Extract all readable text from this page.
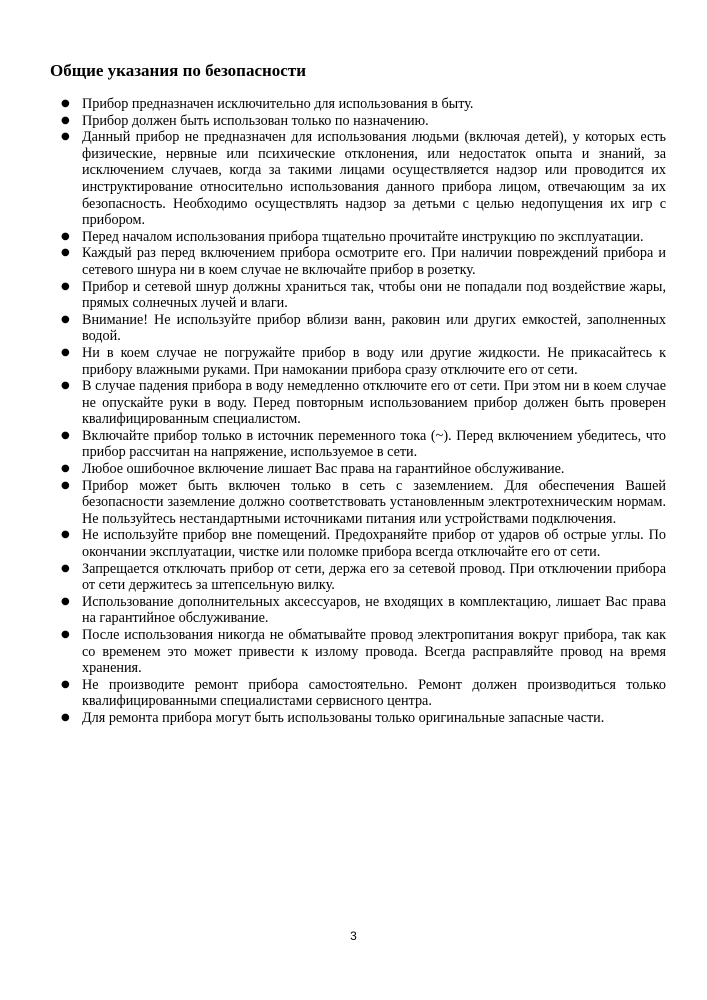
Общие указания по безопасности
● Прибор предназначен исключительно для использования в быту.
● Прибор должен быть использован только по назначению.
● Данный прибор не предназначен для использования людьми (включая детей), у которых есть физические, нервные или психические отклонения, или недостаток опыта и знаний, за исключением случаев, когда за такими лицами осуществляется надзор или проводится их инструктирование относительно использования данного прибора лицом, отвечающим за их безопасность. Необходимо осуществлять надзор за детьми с целью недопущения их игр с прибором.
● Перед началом использования прибора тщательно прочитайте инструкцию по эксплуатации.
● Каждый раз перед включением прибора осмотрите его. При наличии повреждений прибора и сетевого шнура ни в коем случае не включайте прибор в розетку.
● Прибор и сетевой шнур должны храниться так, чтобы они не попадали под воздействие жары, прямых солнечных лучей и влаги.
● Внимание! Не используйте прибор вблизи ванн, раковин или других емкостей, заполненных водой.
● Ни в коем случае не погружайте прибор в воду или другие жидкости. Не прикасайтесь к прибору влажными руками. При намокании прибора сразу отключите его от сети.
● В случае падения прибора в воду немедленно отключите его от сети. При этом ни в коем случае не опускайте руки в воду. Перед повторным использованием прибор должен быть проверен квалифицированным специалистом.
● Включайте прибор только в источник переменного тока (~). Перед включением убедитесь, что прибор рассчитан на напряжение, используемое в сети.
● Любое ошибочное включение лишает Вас права на гарантийное обслуживание.
● Прибор может быть включен только в сеть с заземлением. Для обеспечения Вашей безопасности заземление должно соответствовать установленным электротехническим нормам. Не пользуйтесь нестандартными источниками питания или устройствами подключения.
● Не используйте прибор вне помещений. Предохраняйте прибор от ударов об острые углы. По окончании эксплуатации, чистке или поломке прибора всегда отключайте его от сети.
● Запрещается отключать прибор от сети, держа его за сетевой провод. При отключении прибора от сети держитесь за штепсельную вилку.
● Использование дополнительных аксессуаров, не входящих в комплектацию, лишает Вас права на гарантийное обслуживание.
● После использования никогда не обматывайте провод электропитания вокруг прибора, так как со временем это может привести к излому провода. Всегда расправляйте провод на время хранения.
● Не производите ремонт прибора самостоятельно. Ремонт должен производиться только квалифицированными специалистами сервисного центра.
● Для ремонта прибора могут быть использованы только оригинальные запасные части.
3
